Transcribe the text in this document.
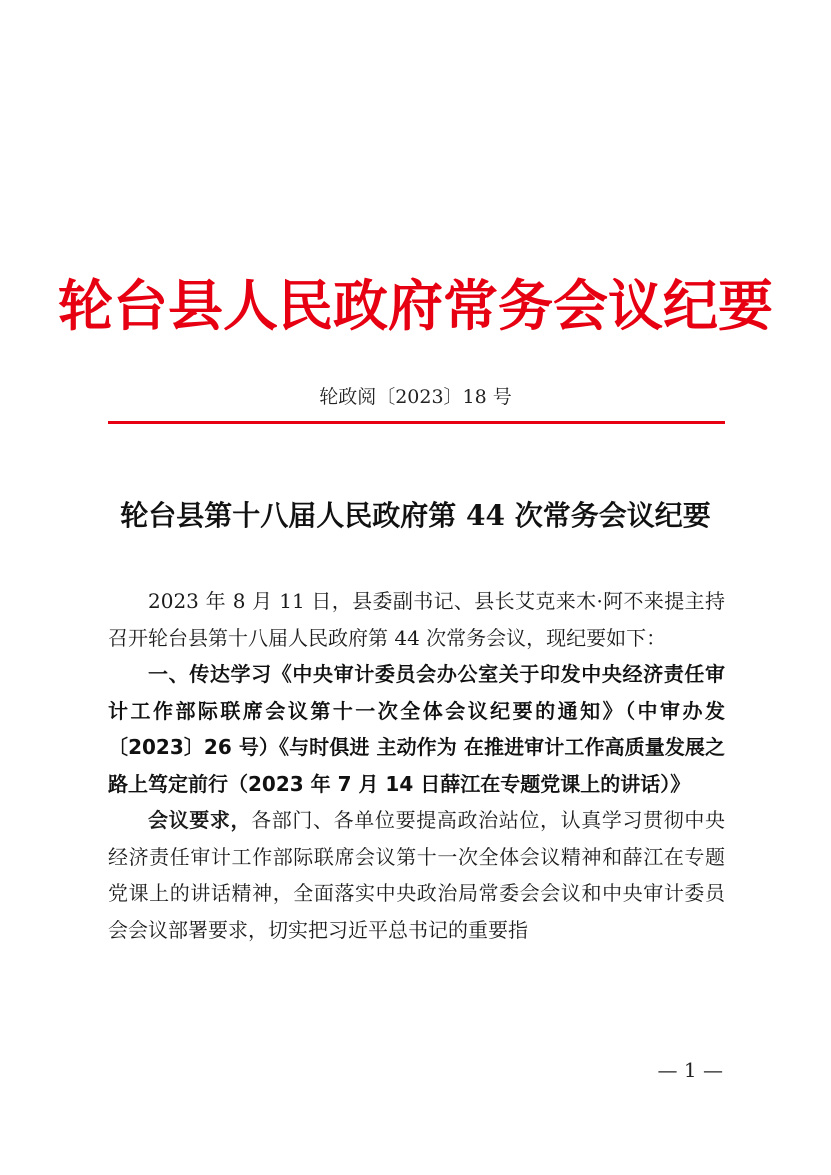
轮台县人民政府常务会议纪要
轮政阅〔2023〕18 号
轮台县第十八届人民政府第 44 次常务会议纪要

2023 年 8 月 11 日，县委副书记、县长艾克来木·阿不来提主持召开轮台县第十八届人民政府第 44 次常务会议，现纪要如下：

一、传达学习《中央审计委员会办公室关于印发中央经济责任审计工作部际联席会议第十一次全体会议纪要的通知》（中审办发〔2023〕26 号）《与时俱进 主动作为 在推进审计工作高质量发展之路上笃定前行（2023 年 7 月 14 日薛江在专题党课上的讲话）》

会议要求，各部门、各单位要提高政治站位，认真学习贯彻中央经济责任审计工作部际联席会议第十一次全体会议精神和薛江在专题党课上的讲话精神，全面落实中央政治局常委会会议和中央审计委员会会议部署要求，切实把习近平总书记的重要指

— 1 —
